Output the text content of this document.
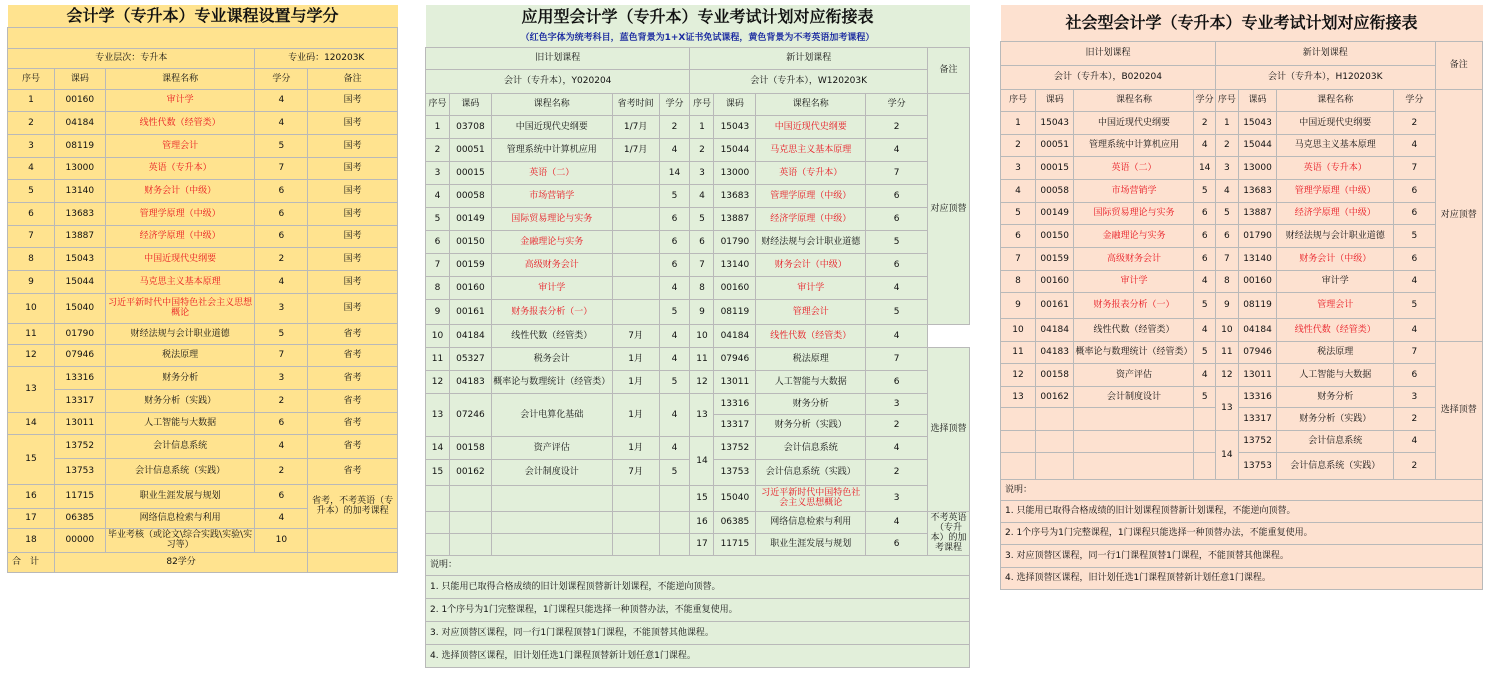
会计学（专升本）专业课程设置与学分				

专业层次：专升本			专业码：120203K	
序号	课码	课程名称	学分	备注
1	00160	审计学	4	国考
2	04184	线性代数（经管类）	4	国考
3	08119	管理会计	5	国考
4	13000	英语（专升本）	7	国考
5	13140	财务会计（中级）	6	国考
6	13683	管理学原理（中级）	6	国考
7	13887	经济学原理（中级）	6	国考
8	15043	中国近现代史纲要	2	国考
9	15044	马克思主义基本原理	4	国考
10	15040	习近平新时代中国特色社会主义思想概论	3	国考
11	01790	财经法规与会计职业道德	5	省考
12	07946	税法原理	7	省考
13	13316	财务分析	3	省考
	13317	财务分析（实践）	2	省考
14	13011	人工智能与大数据	6	省考
15	13752	会计信息系统	4	省考
	13753	会计信息系统（实践）	2	省考
16	11715	职业生涯发展与规划	6	省考，不考英语（专升本）的加考课程
17	06385	网络信息检索与利用	4	
18	00000	毕业考核（或论文\综合实践\实验\实习等）	10	
合　计	82学分			
应用型会计学（专升本）专业考试计划对应衔接表									
（红色字体为统考科目，蓝色背景为1+X证书免试课程，黄色背景为不考英语加考课程）									
旧计划课程					新计划课程				备注
会计（专升本），Y020204					会计（专升本），W120203K				
序号	课码	课程名称	省考时间	学分	序号	课码	课程名称	学分	对应顶替
1	03708	中国近现代史纲要	1/7月	2	1	15043	中国近现代史纲要	2	
2	00051	管理系统中计算机应用	1/7月	4	2	15044	马克思主义基本原理	4	
3	00015	英语（二）		14	3	13000	英语（专升本）	7	
4	00058	市场营销学		5	4	13683	管理学原理（中级）	6	
5	00149	国际贸易理论与实务		6	5	13887	经济学原理（中级）	6	
6	00150	金融理论与实务		6	6	01790	财经法规与会计职业道德	5	
7	00159	高级财务会计		6	7	13140	财务会计（中级）	6	
8	00160	审计学		4	8	00160	审计学	4	
9	00161	财务报表分析（一）		5	9	08119	管理会计	5	
10	04184	线性代数（经管类）	7月	4	10	04184	线性代数（经管类）	4	
11	05327	税务会计	1月	4	11	07946	税法原理	7	选择顶替
12	04183	概率论与数理统计（经管类）	1月	5	12	13011	人工智能与大数据	6	
13	07246	会计电算化基础	1月	4	13	13316	财务分析	3	
						13317	财务分析（实践）	2	
14	00158	资产评估	1月	4	14	13752	会计信息系统	4	
15	00162	会计制度设计	7月	5		13753	会计信息系统（实践）	2	
					15	15040	习近平新时代中国特色社会主义思想概论	3	
					16	06385	网络信息检索与利用	4	不考英语（专升本）的加考课程
					17	11715	职业生涯发展与规划	6	
说明：									
1. 只能用已取得合格成绩的旧计划课程顶替新计划课程，不能逆向顶替。									
2. 1个序号为1门完整课程，1门课程只能选择一种顶替办法，不能重复使用。									
3. 对应顶替区课程，同一行1门课程顶替1门课程，不能顶替其他课程。									
4. 选择顶替区课程，旧计划任选1门课程顶替新计划任意1门课程。									
社会型会计学（专升本）专业考试计划对应衔接表								
旧计划课程				新计划课程				备注
会计（专升本），B020204				会计（专升本），H120203K				
序号	课码	课程名称	学分	序号	课码	课程名称	学分	对应顶替
1	15043	中国近现代史纲要	2	1	15043	中国近现代史纲要	2	
2	00051	管理系统中计算机应用	4	2	15044	马克思主义基本原理	4	
3	00015	英语（二）	14	3	13000	英语（专升本）	7	
4	00058	市场营销学	5	4	13683	管理学原理（中级）	6	
5	00149	国际贸易理论与实务	6	5	13887	经济学原理（中级）	6	
6	00150	金融理论与实务	6	6	01790	财经法规与会计职业道德	5	
7	00159	高级财务会计	6	7	13140	财务会计（中级）	6	
8	00160	审计学	4	8	00160	审计学	4	
9	00161	财务报表分析（一）	5	9	08119	管理会计	5	
10	04184	线性代数（经管类）	4	10	04184	线性代数（经管类）	4	
11	04183	概率论与数理统计（经管类）	5	11	07946	税法原理	7	选择顶替
12	00158	资产评估	4	12	13011	人工智能与大数据	6	
13	00162	会计制度设计	5	13	13316	财务分析	3	
					13317	财务分析（实践）	2	
				14	13752	会计信息系统	4	
					13753	会计信息系统（实践）	2	
说明：								
1. 只能用已取得合格成绩的旧计划课程顶替新计划课程，不能逆向顶替。								
2. 1个序号为1门完整课程，1门课程只能选择一种顶替办法，不能重复使用。								
3. 对应顶替区课程，同一行1门课程顶替1门课程，不能顶替其他课程。								
4. 选择顶替区课程，旧计划任选1门课程顶替新计划任意1门课程。								
